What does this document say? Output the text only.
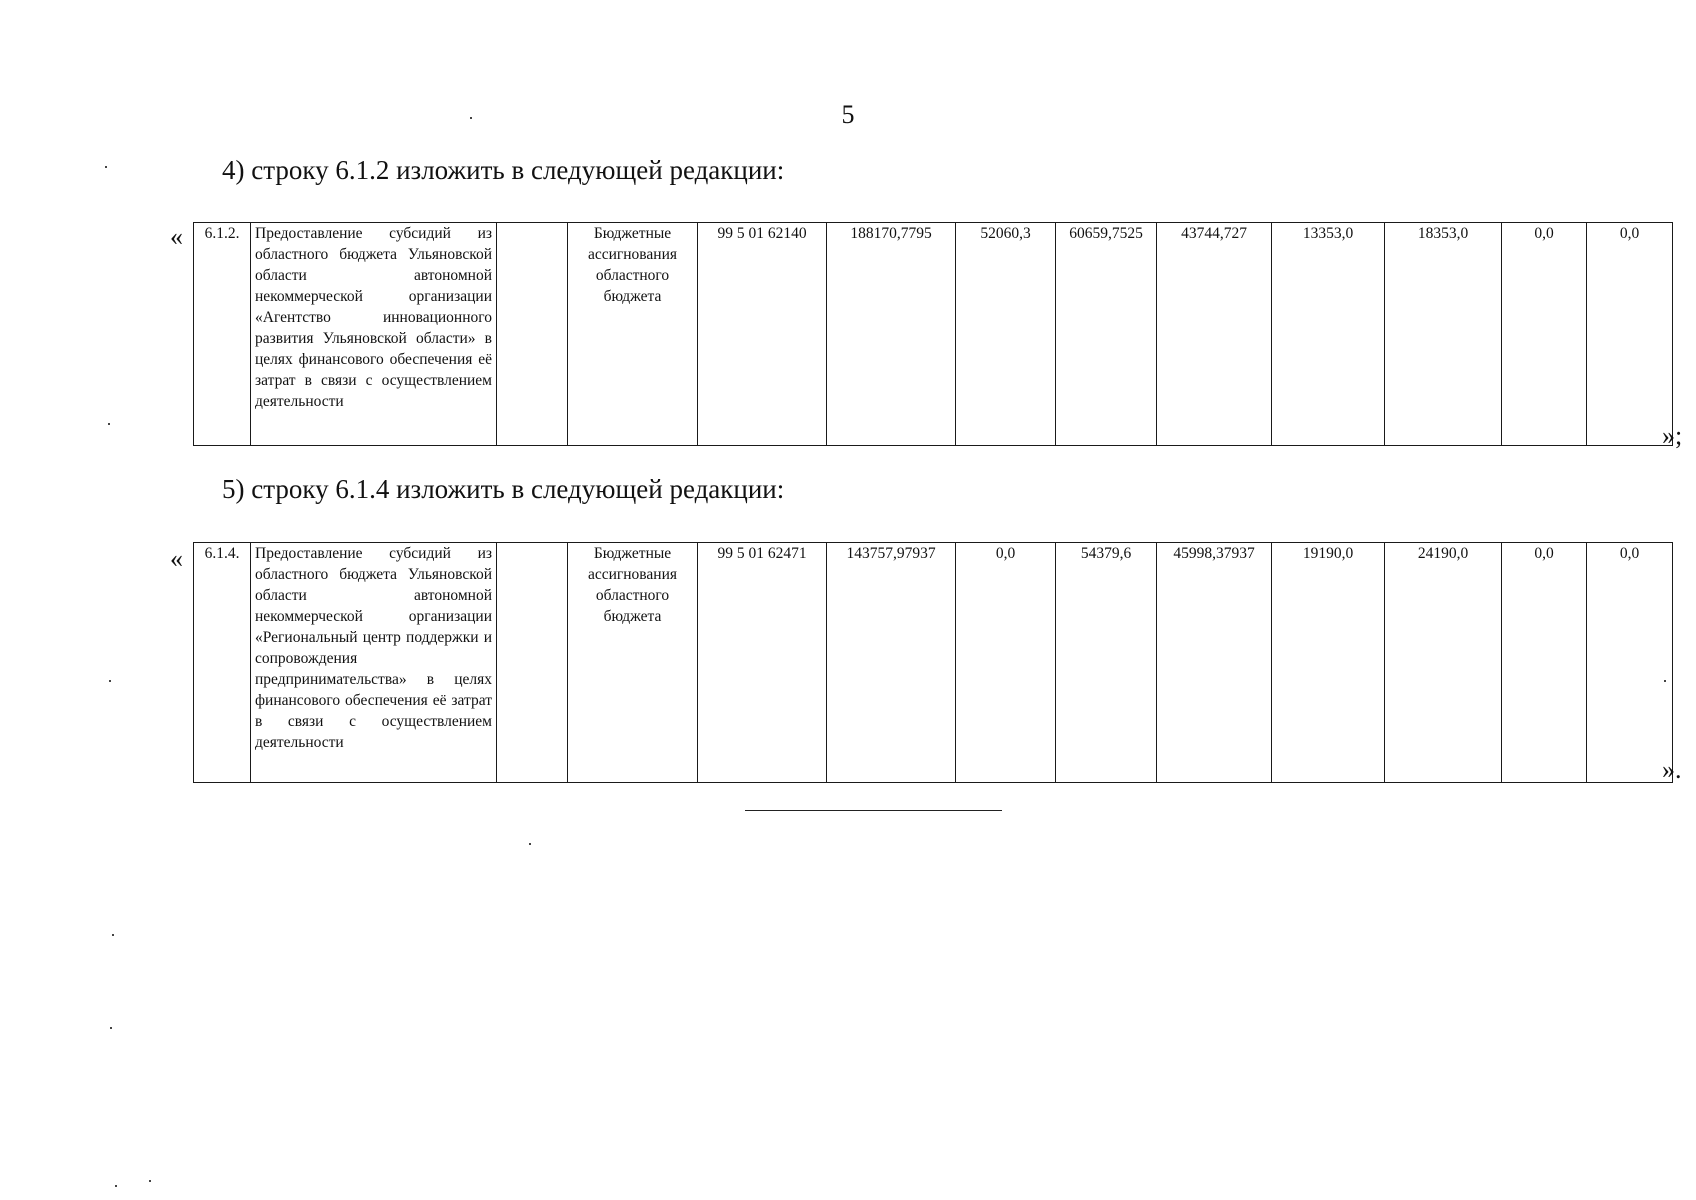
5
4) строку 6.1.2 изложить в следующей редакции:
« 6.1.2.	Предоставление субсидий из областного бюджета Ульяновской области автономной некоммерческой организации «Агентство инновационного развития Ульяновской области» в целях финансового обеспечения её затрат в связи с осуществлением деятельности		Бюджетные ассигнования областного бюджета	99 5 01 62140	188170,7795	52060,3	60659,7525	43744,727	13353,0	18353,0	0,0	0,0
»;
5) строку 6.1.4 изложить в следующей редакции:
« 6.1.4.	Предоставление субсидий из областного бюджета Ульяновской области автономной некоммерческой организации «Региональный центр поддержки и сопровождения предпринимательства» в целях финансового обеспечения её затрат в связи с осуществлением деятельности		Бюджетные ассигнования областного бюджета	99 5 01 62471	143757,97937	0,0	54379,6	45998,37937	19190,0	24190,0	0,0	0,0
».
